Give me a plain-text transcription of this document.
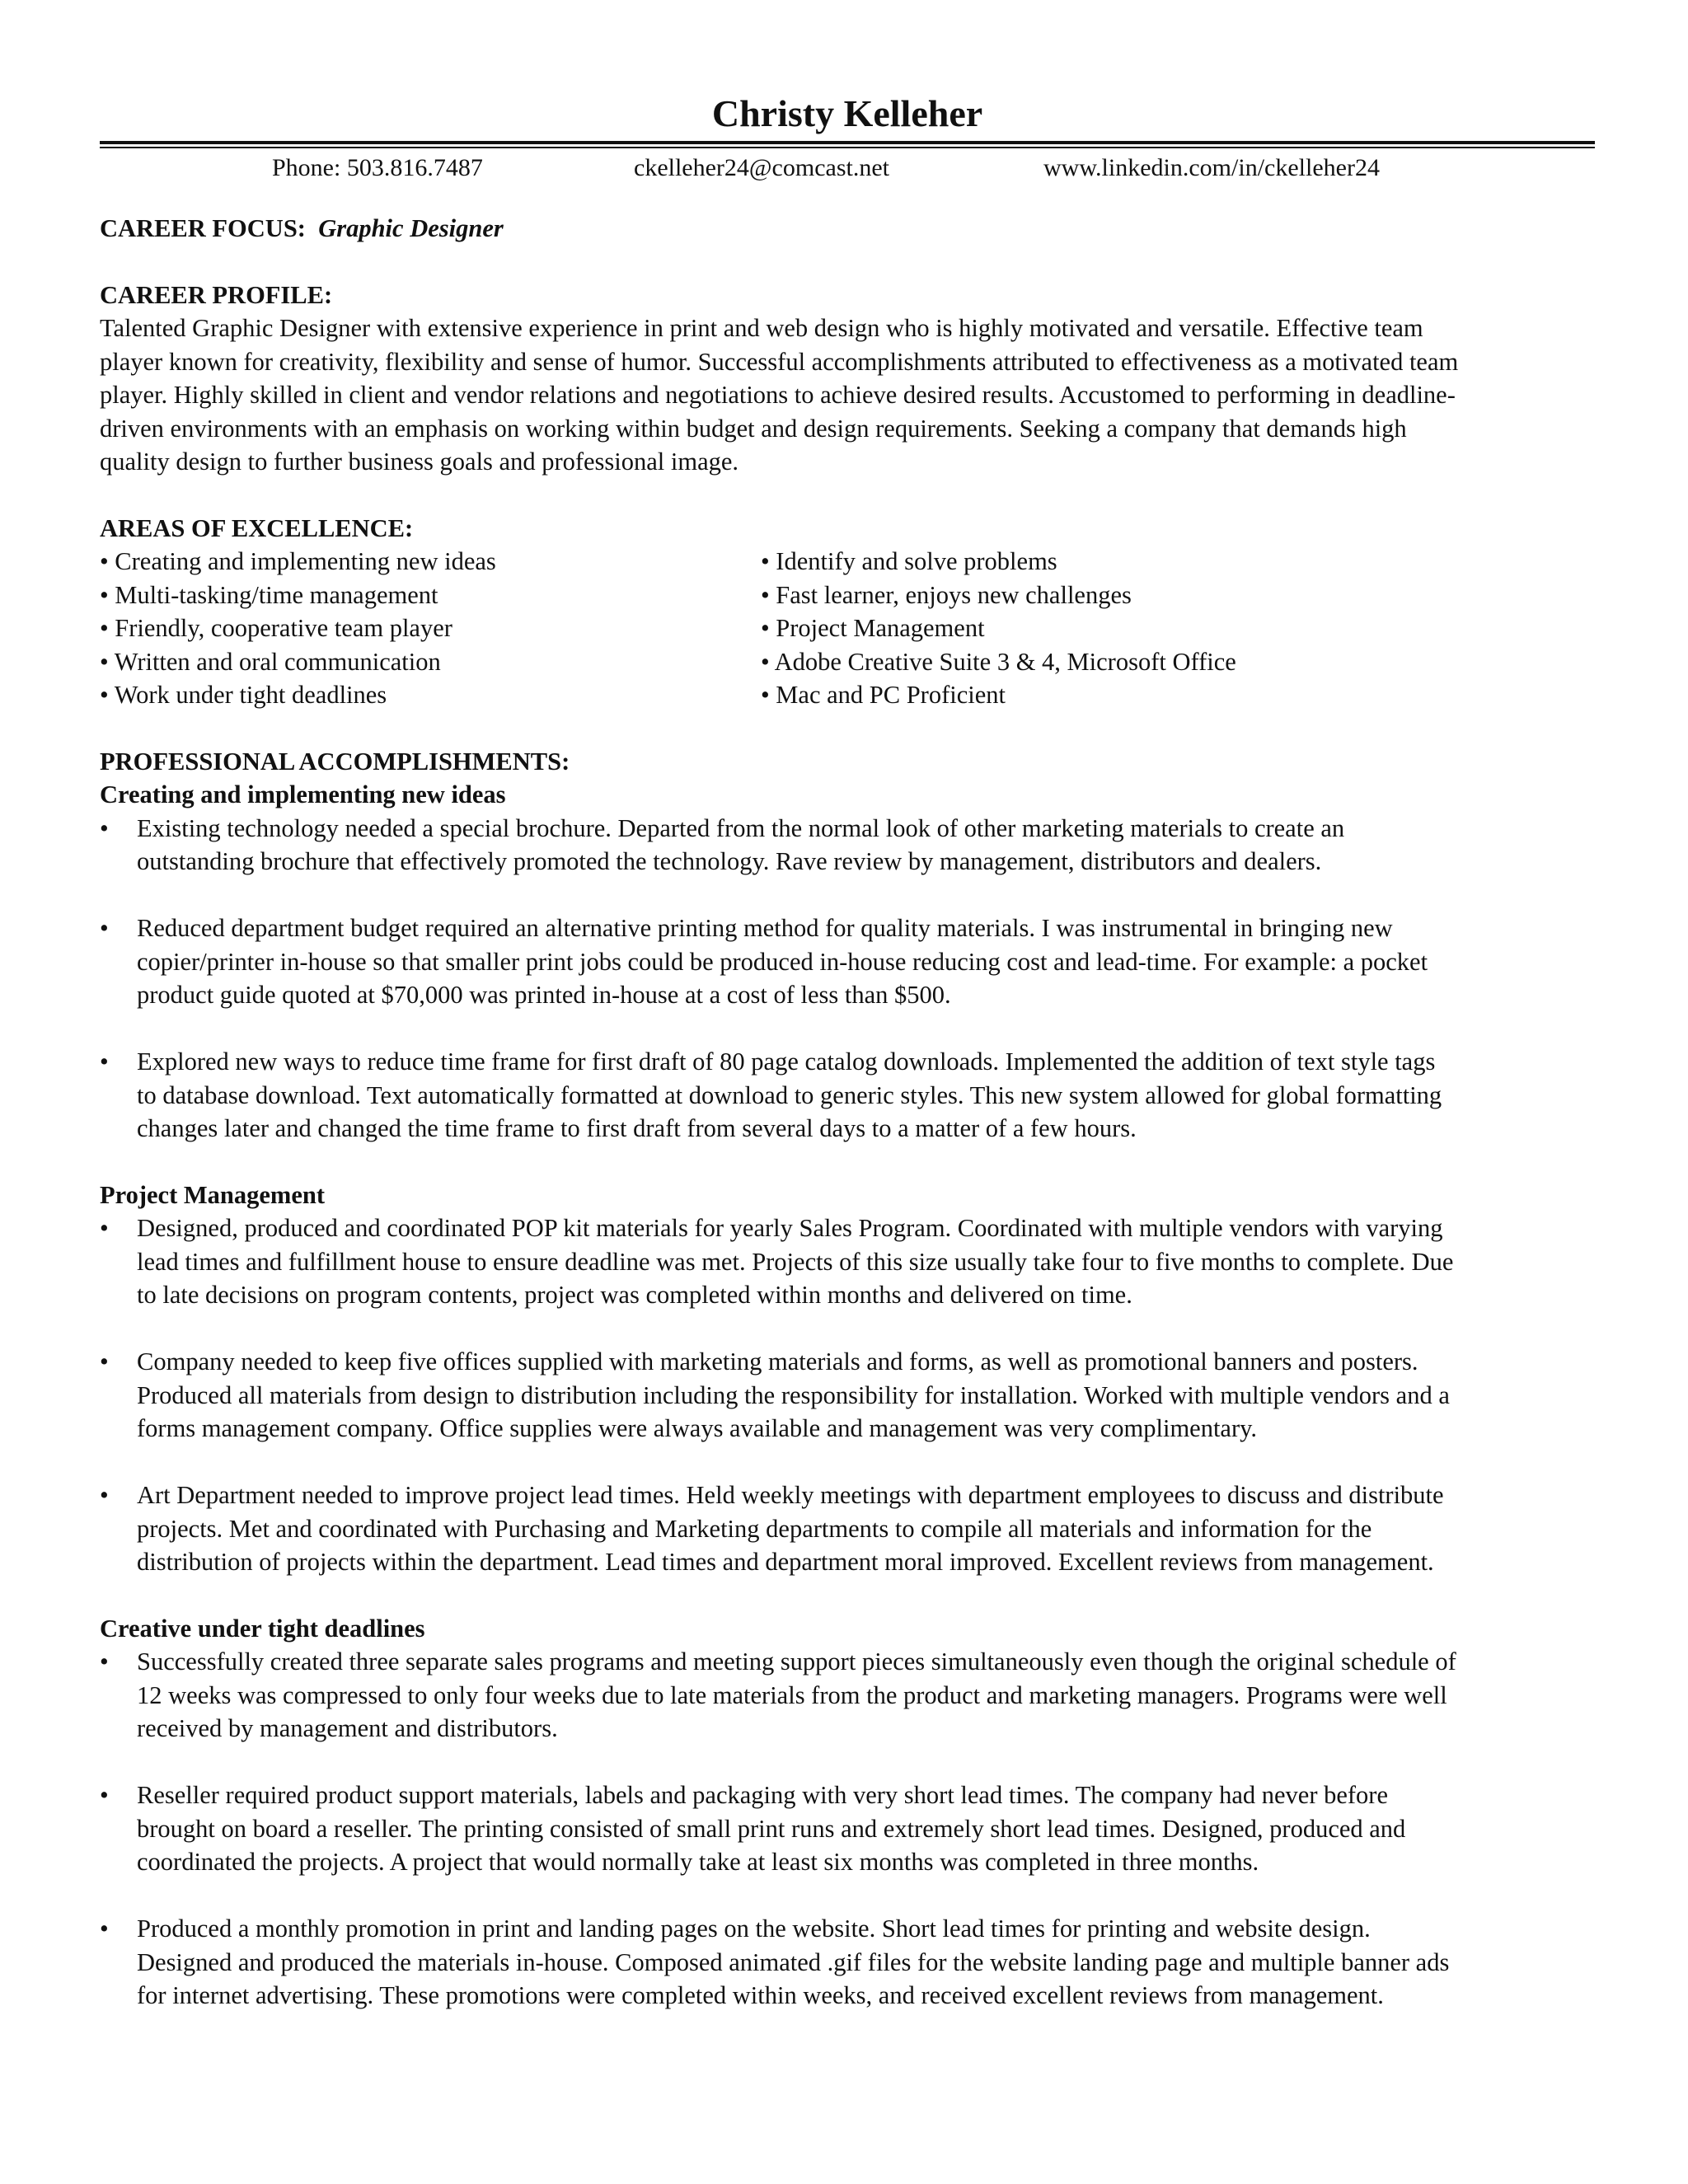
Christy Kelleher
Phone: 503.816.7487	ckelleher24@comcast.net	www.linkedin.com/in/ckelleher24
CAREER FOCUS: Graphic Designer
CAREER PROFILE:
Talented Graphic Designer with extensive experience in print and web design who is highly motivated and versatile. Effective team
player known for creativity, flexibility and sense of humor. Successful accomplishments attributed to effectiveness as a motivated team
player. Highly skilled in client and vendor relations and negotiations to achieve desired results. Accustomed to performing in deadline-
driven environments with an emphasis on working within budget and design requirements. Seeking a company that demands high
quality design to further business goals and professional image.
AREAS OF EXCELLENCE:
• Creating and implementing new ideas	• Identify and solve problems
• Multi-tasking/time management	• Fast learner, enjoys new challenges
• Friendly, cooperative team player	• Project Management
• Written and oral communication	• Adobe Creative Suite 3 & 4, Microsoft Office
• Work under tight deadlines	• Mac and PC Proficient
PROFESSIONAL ACCOMPLISHMENTS:
Creating and implementing new ideas
• Existing technology needed a special brochure. Departed from the normal look of other marketing materials to create an
outstanding brochure that effectively promoted the technology. Rave review by management, distributors and dealers.
• Reduced department budget required an alternative printing method for quality materials. I was instrumental in bringing new
copier/printer in-house so that smaller print jobs could be produced in-house reducing cost and lead-time. For example: a pocket
product guide quoted at $70,000 was printed in-house at a cost of less than $500.
• Explored new ways to reduce time frame for first draft of 80 page catalog downloads. Implemented the addition of text style tags
to database download. Text automatically formatted at download to generic styles. This new system allowed for global formatting
changes later and changed the time frame to first draft from several days to a matter of a few hours.
Project Management
• Designed, produced and coordinated POP kit materials for yearly Sales Program. Coordinated with multiple vendors with varying
lead times and fulfillment house to ensure deadline was met. Projects of this size usually take four to five months to complete. Due
to late decisions on program contents, project was completed within months and delivered on time.
• Company needed to keep five offices supplied with marketing materials and forms, as well as promotional banners and posters.
Produced all materials from design to distribution including the responsibility for installation. Worked with multiple vendors and a
forms management company. Office supplies were always available and management was very complimentary.
• Art Department needed to improve project lead times. Held weekly meetings with department employees to discuss and distribute
projects. Met and coordinated with Purchasing and Marketing departments to compile all materials and information for the
distribution of projects within the department. Lead times and department moral improved. Excellent reviews from management.
Creative under tight deadlines
• Successfully created three separate sales programs and meeting support pieces simultaneously even though the original schedule of
12 weeks was compressed to only four weeks due to late materials from the product and marketing managers. Programs were well
received by management and distributors.
• Reseller required product support materials, labels and packaging with very short lead times. The company had never before
brought on board a reseller. The printing consisted of small print runs and extremely short lead times. Designed, produced and
coordinated the projects. A project that would normally take at least six months was completed in three months.
• Produced a monthly promotion in print and landing pages on the website. Short lead times for printing and website design.
Designed and produced the materials in-house. Composed animated .gif files for the website landing page and multiple banner ads
for internet advertising. These promotions were completed within weeks, and received excellent reviews from management.
